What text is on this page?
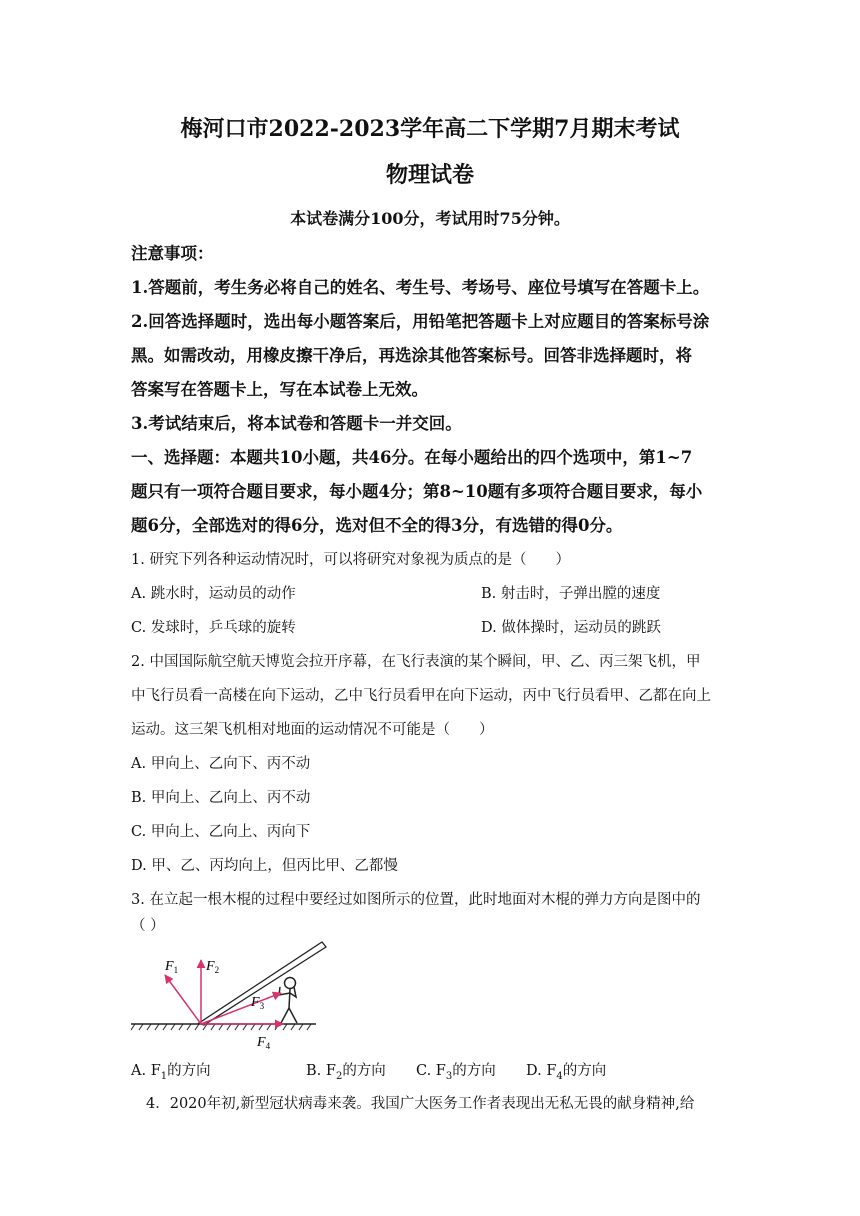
梅河口市2022-2023学年高二下学期7月期末考试
物理试卷
本试卷满分100分，考试用时75分钟。
注意事项：
1.答题前，考生务必将自己的姓名、考生号、考场号、座位号填写在答题卡上。
2.回答选择题时，选出每小题答案后，用铅笔把答题卡上对应题目的答案标号涂
黑。如需改动，用橡皮擦干净后，再选涂其他答案标号。回答非选择题时，将
答案写在答题卡上，写在本试卷上无效。
3.考试结束后，将本试卷和答题卡一并交回。
一、选择题：本题共10小题，共46分。在每小题给出的四个选项中，第1~7
题只有一项符合题目要求，每小题4分；第8~10题有多项符合题目要求，每小
题6分，全部选对的得6分，选对但不全的得3分，有选错的得0分。
1. 研究下列各种运动情况时，可以将研究对象视为质点的是（　　）
A. 跳水时，运动员的动作	B. 射击时，子弹出膛的速度
C. 发球时，乒乓球的旋转	D. 做体操时，运动员的跳跃
2. 中国国际航空航天博览会拉开序幕，在飞行表演的某个瞬间，甲、乙、丙三架飞机，甲
中飞行员看一高楼在向下运动，乙中飞行员看甲在向下运动，丙中飞行员看甲、乙都在向上
运动。这三架飞机相对地面的运动情况不可能是（　　）
A. 甲向上、乙向下、丙不动
B. 甲向上、乙向上、丙不动
C. 甲向上、乙向上、丙向下
D. 甲、乙、丙均向上，但丙比甲、乙都慢
3. 在立起一根木棍的过程中要经过如图所示的位置，此时地面对木棍的弹力方向是图中的
（ ）
$F_1$ $F_2$
$F_3$
$F_4$
A. $F_1$的方向	B. $F_2$的方向 C. $F_3$的方向 D. $F_4$的方向
4．2020年初,新型冠状病毒来袭。我国广大医务工作者表现出无私无畏的献身精神,给
